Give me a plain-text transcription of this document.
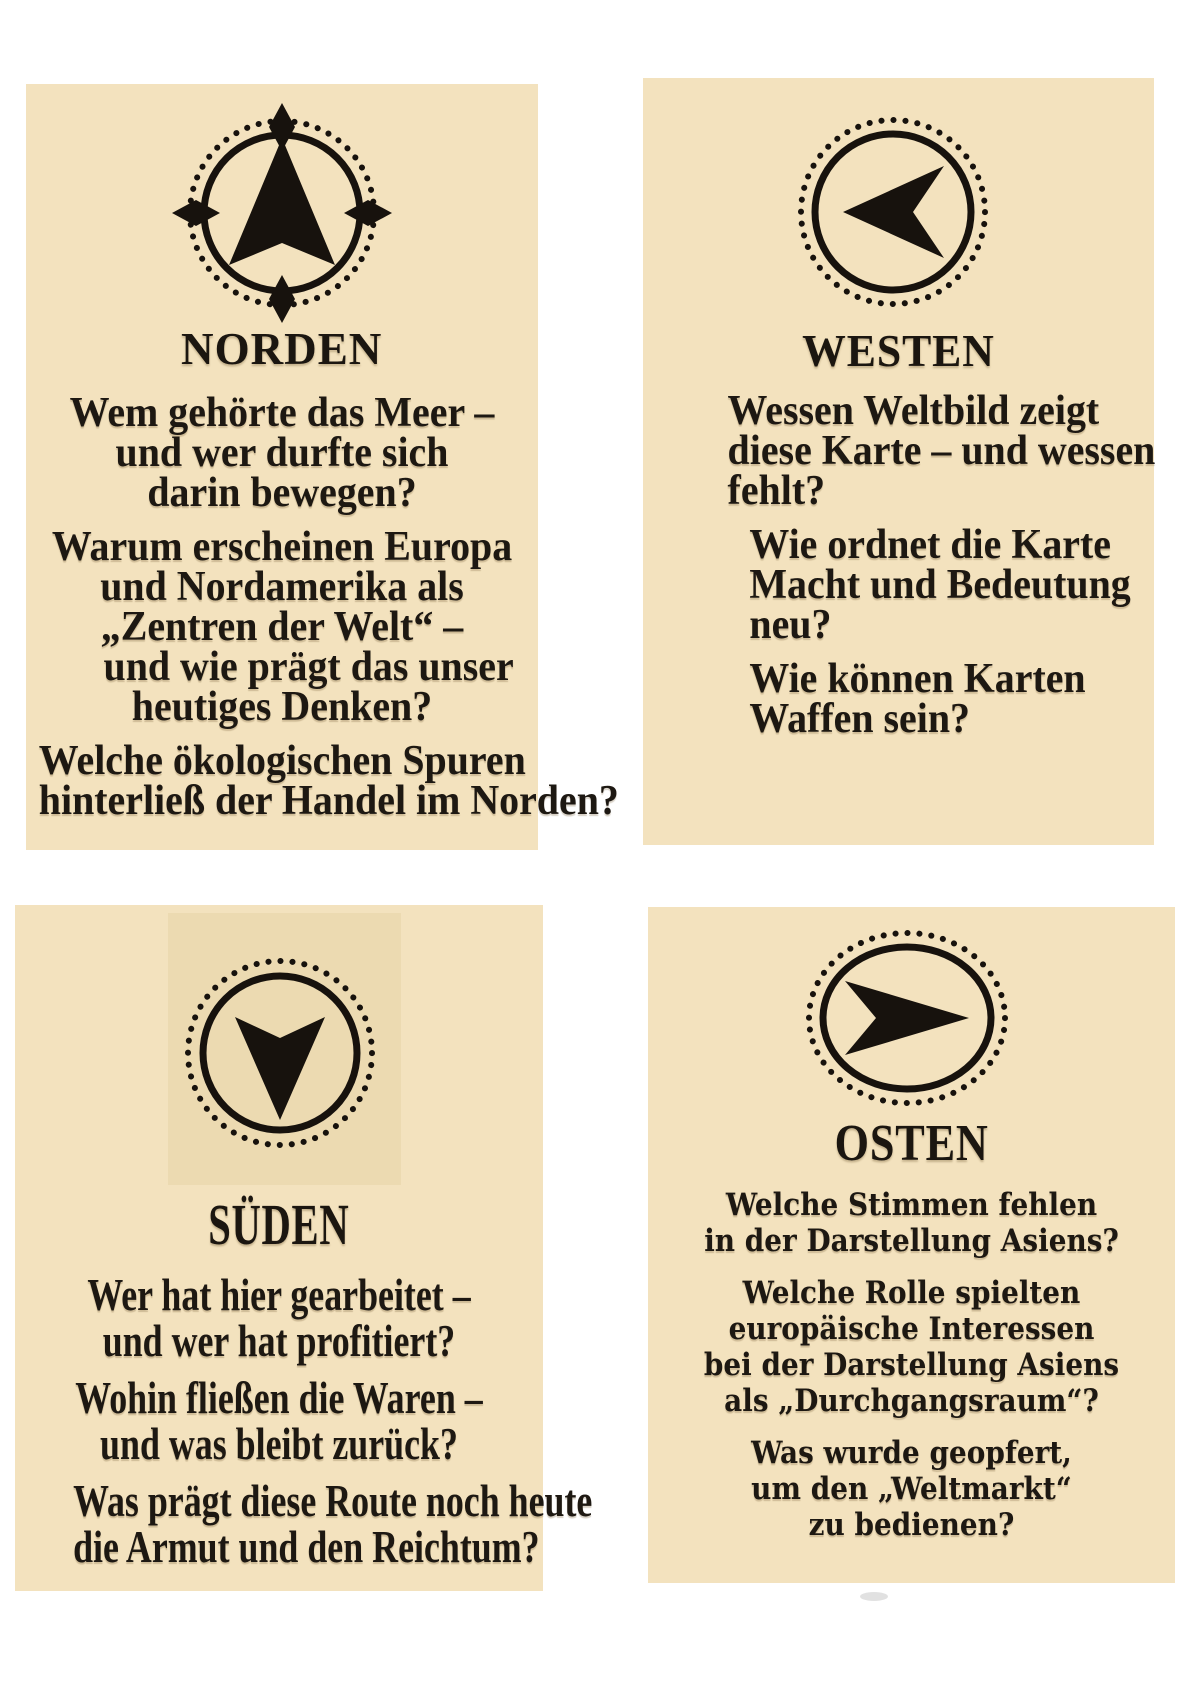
NORDEN
Wem gehörte das Meer –
und wer durfte sich
darin bewegen?
Warum erscheinen Europa
und Nordamerika als
„Zentren der Welt“ –
und wie prägt das unser
heutiges Denken?
Welche ökologischen Spuren
hinterließ der Handel im Norden?
WESTEN
Wessen Weltbild zeigt
diese Karte – und wessen
fehlt?
Wie ordnet die Karte
Macht und Bedeutung
neu?
Wie können Karten
Waffen sein?
SÜDEN
Wer hat hier gearbeitet –
und wer hat profitiert?
Wohin fließen die Waren –
und was bleibt zurück?
Was prägt diese Route noch heute
die Armut und den Reichtum?
OSTEN
Welche Stimmen fehlen
in der Darstellung Asiens?
Welche Rolle spielten
europäische Interessen
bei der Darstellung Asiens
als „Durchgangsraum“?
Was wurde geopfert,
um den „Weltmarkt“
zu bedienen?
